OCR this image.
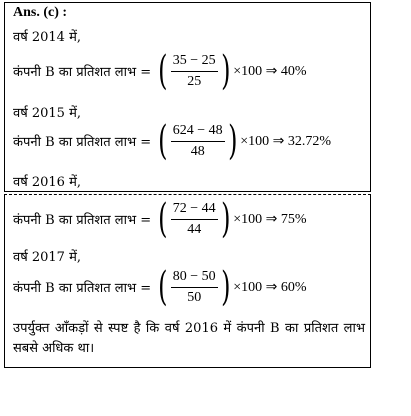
Ans. (c) :
वर्ष 2014 में,
कंपनी B का प्रतिशत लाभ = ( $\frac{35 - 25}{25}$ ) ×100 ⇒ 40%
वर्ष 2015 में,
कंपनी B का प्रतिशत लाभ = ( $\frac{624 - 48}{48}$ ) ×100 ⇒ 32.72%
वर्ष 2016 में,
कंपनी B का प्रतिशत लाभ = ( $\frac{72 - 44}{44}$ ) ×100 ⇒ 75%
वर्ष 2017 में,
कंपनी B का प्रतिशत लाभ = ( $\frac{80 - 50}{50}$ ) ×100 ⇒ 60%
उपर्युक्त आँकड़ों से स्पष्ट है कि वर्ष 2016 में कंपनी B का प्रतिशत लाभ सबसे अधिक था।
